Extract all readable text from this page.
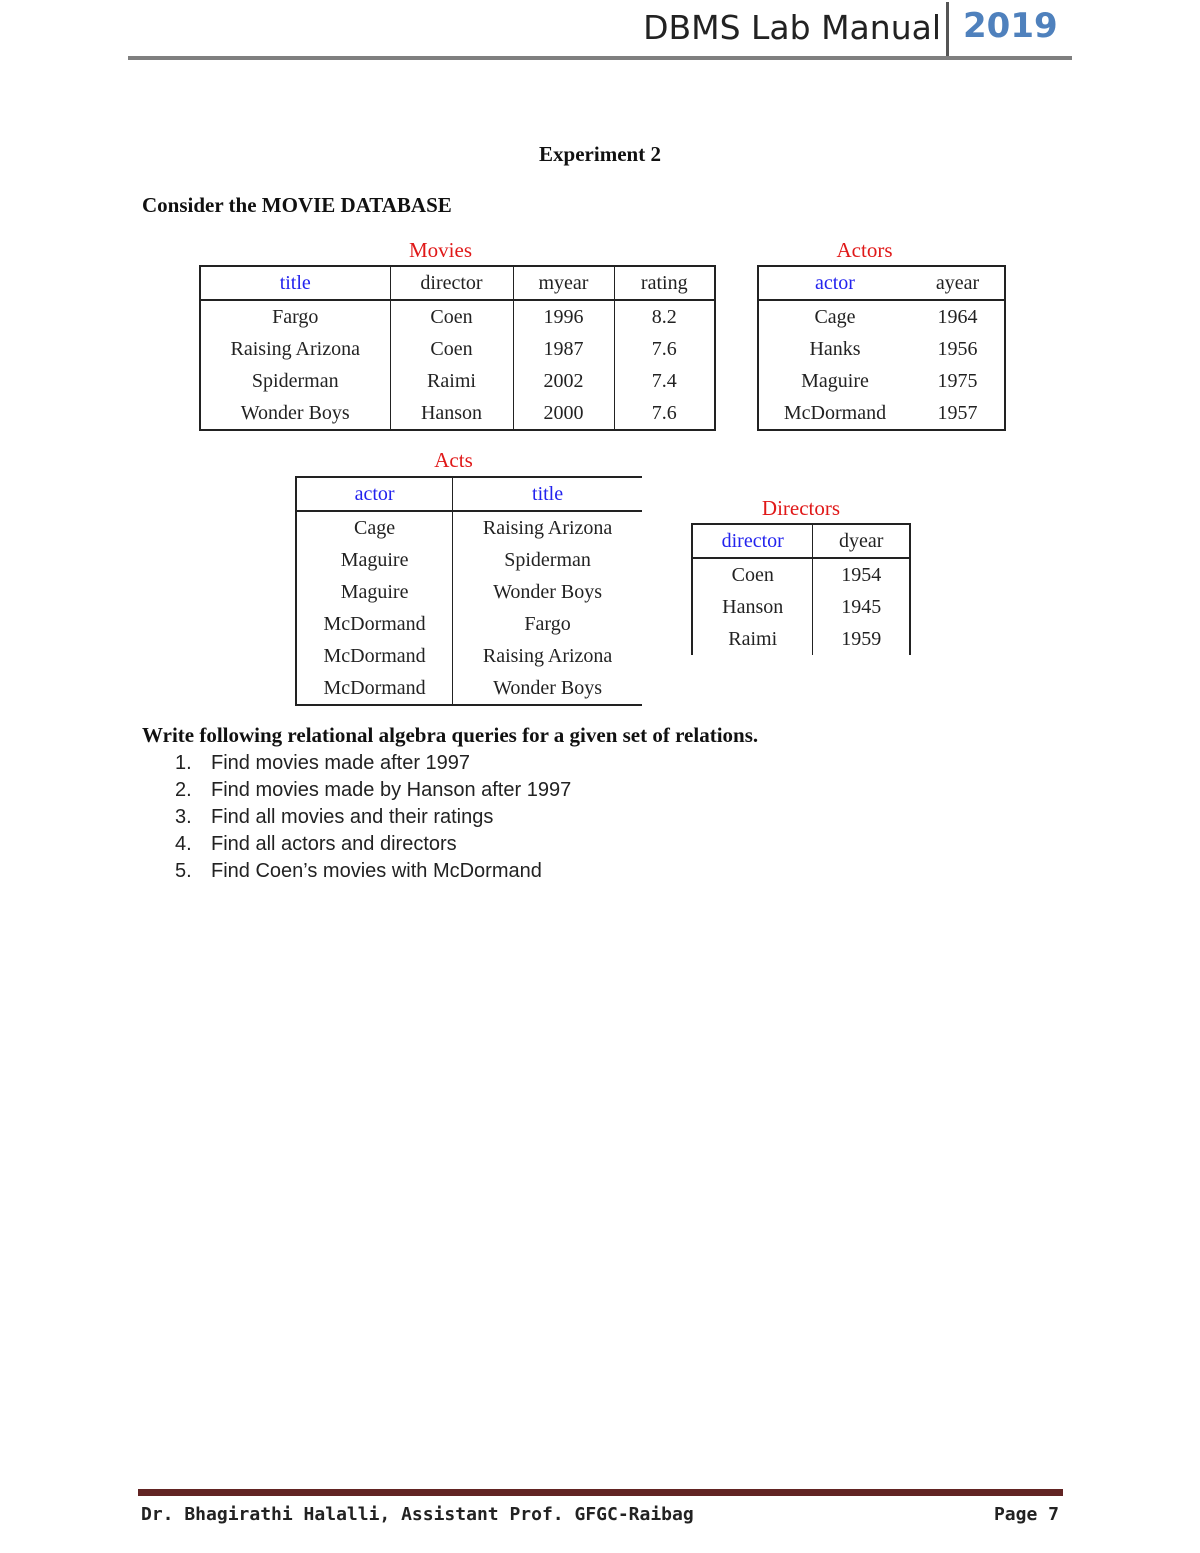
DBMS Lab Manual 2019
Experiment 2
Consider the MOVIE DATABASE
Movies
title	director	myear	rating
Fargo	Coen	1996	8.2
Raising Arizona	Coen	1987	7.6
Spiderman	Raimi	2002	7.4
Wonder Boys	Hanson	2000	7.6
Actors
actor	ayear
Cage	1964
Hanks	1956
Maguire	1975
McDormand	1957
Acts
actor	title
Cage	Raising Arizona
Maguire	Spiderman
Maguire	Wonder Boys
McDormand	Fargo
McDormand	Raising Arizona
McDormand	Wonder Boys
Directors
director	dyear
Coen	1954
Hanson	1945
Raimi	1959
Write following relational algebra queries for a given set of relations.
1. Find movies made after 1997
2. Find movies made by Hanson after 1997
3. Find all movies and their ratings
4. Find all actors and directors
5. Find Coen’s movies with McDormand
Dr. Bhagirathi Halalli, Assistant Prof. GFGC-Raibag	Page 7
